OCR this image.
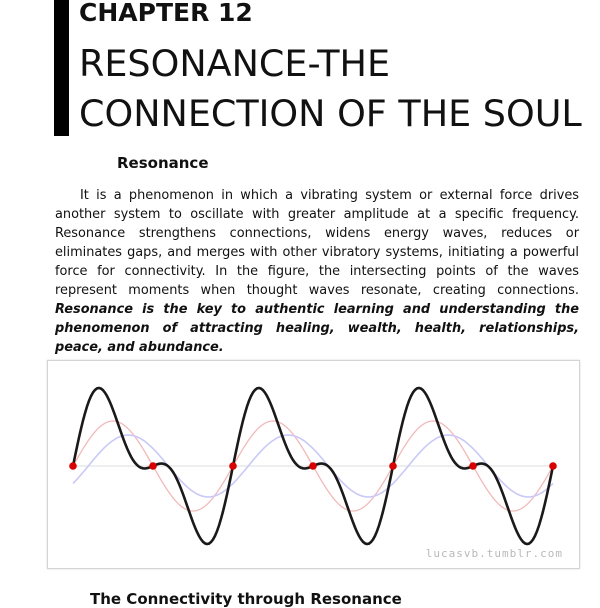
CHAPTER 12
RESONANCE-THE
CONNECTION OF THE SOUL
Resonance
It is a phenomenon in which a vibrating system or external force drives another system to oscillate with greater amplitude at a specific frequency. Resonance strengthens connections, widens energy waves, reduces or eliminates gaps, and merges with other vibratory systems, initiating a powerful force for connectivity. In the figure, the intersecting points of the waves represent moments when thought waves resonate, creating connections. Resonance is the key to authentic learning and understanding the phenomenon of attracting healing, wealth, health, relationships, peace, and abundance.
lucasvb.tumblr.com
The Connectivity through Resonance
